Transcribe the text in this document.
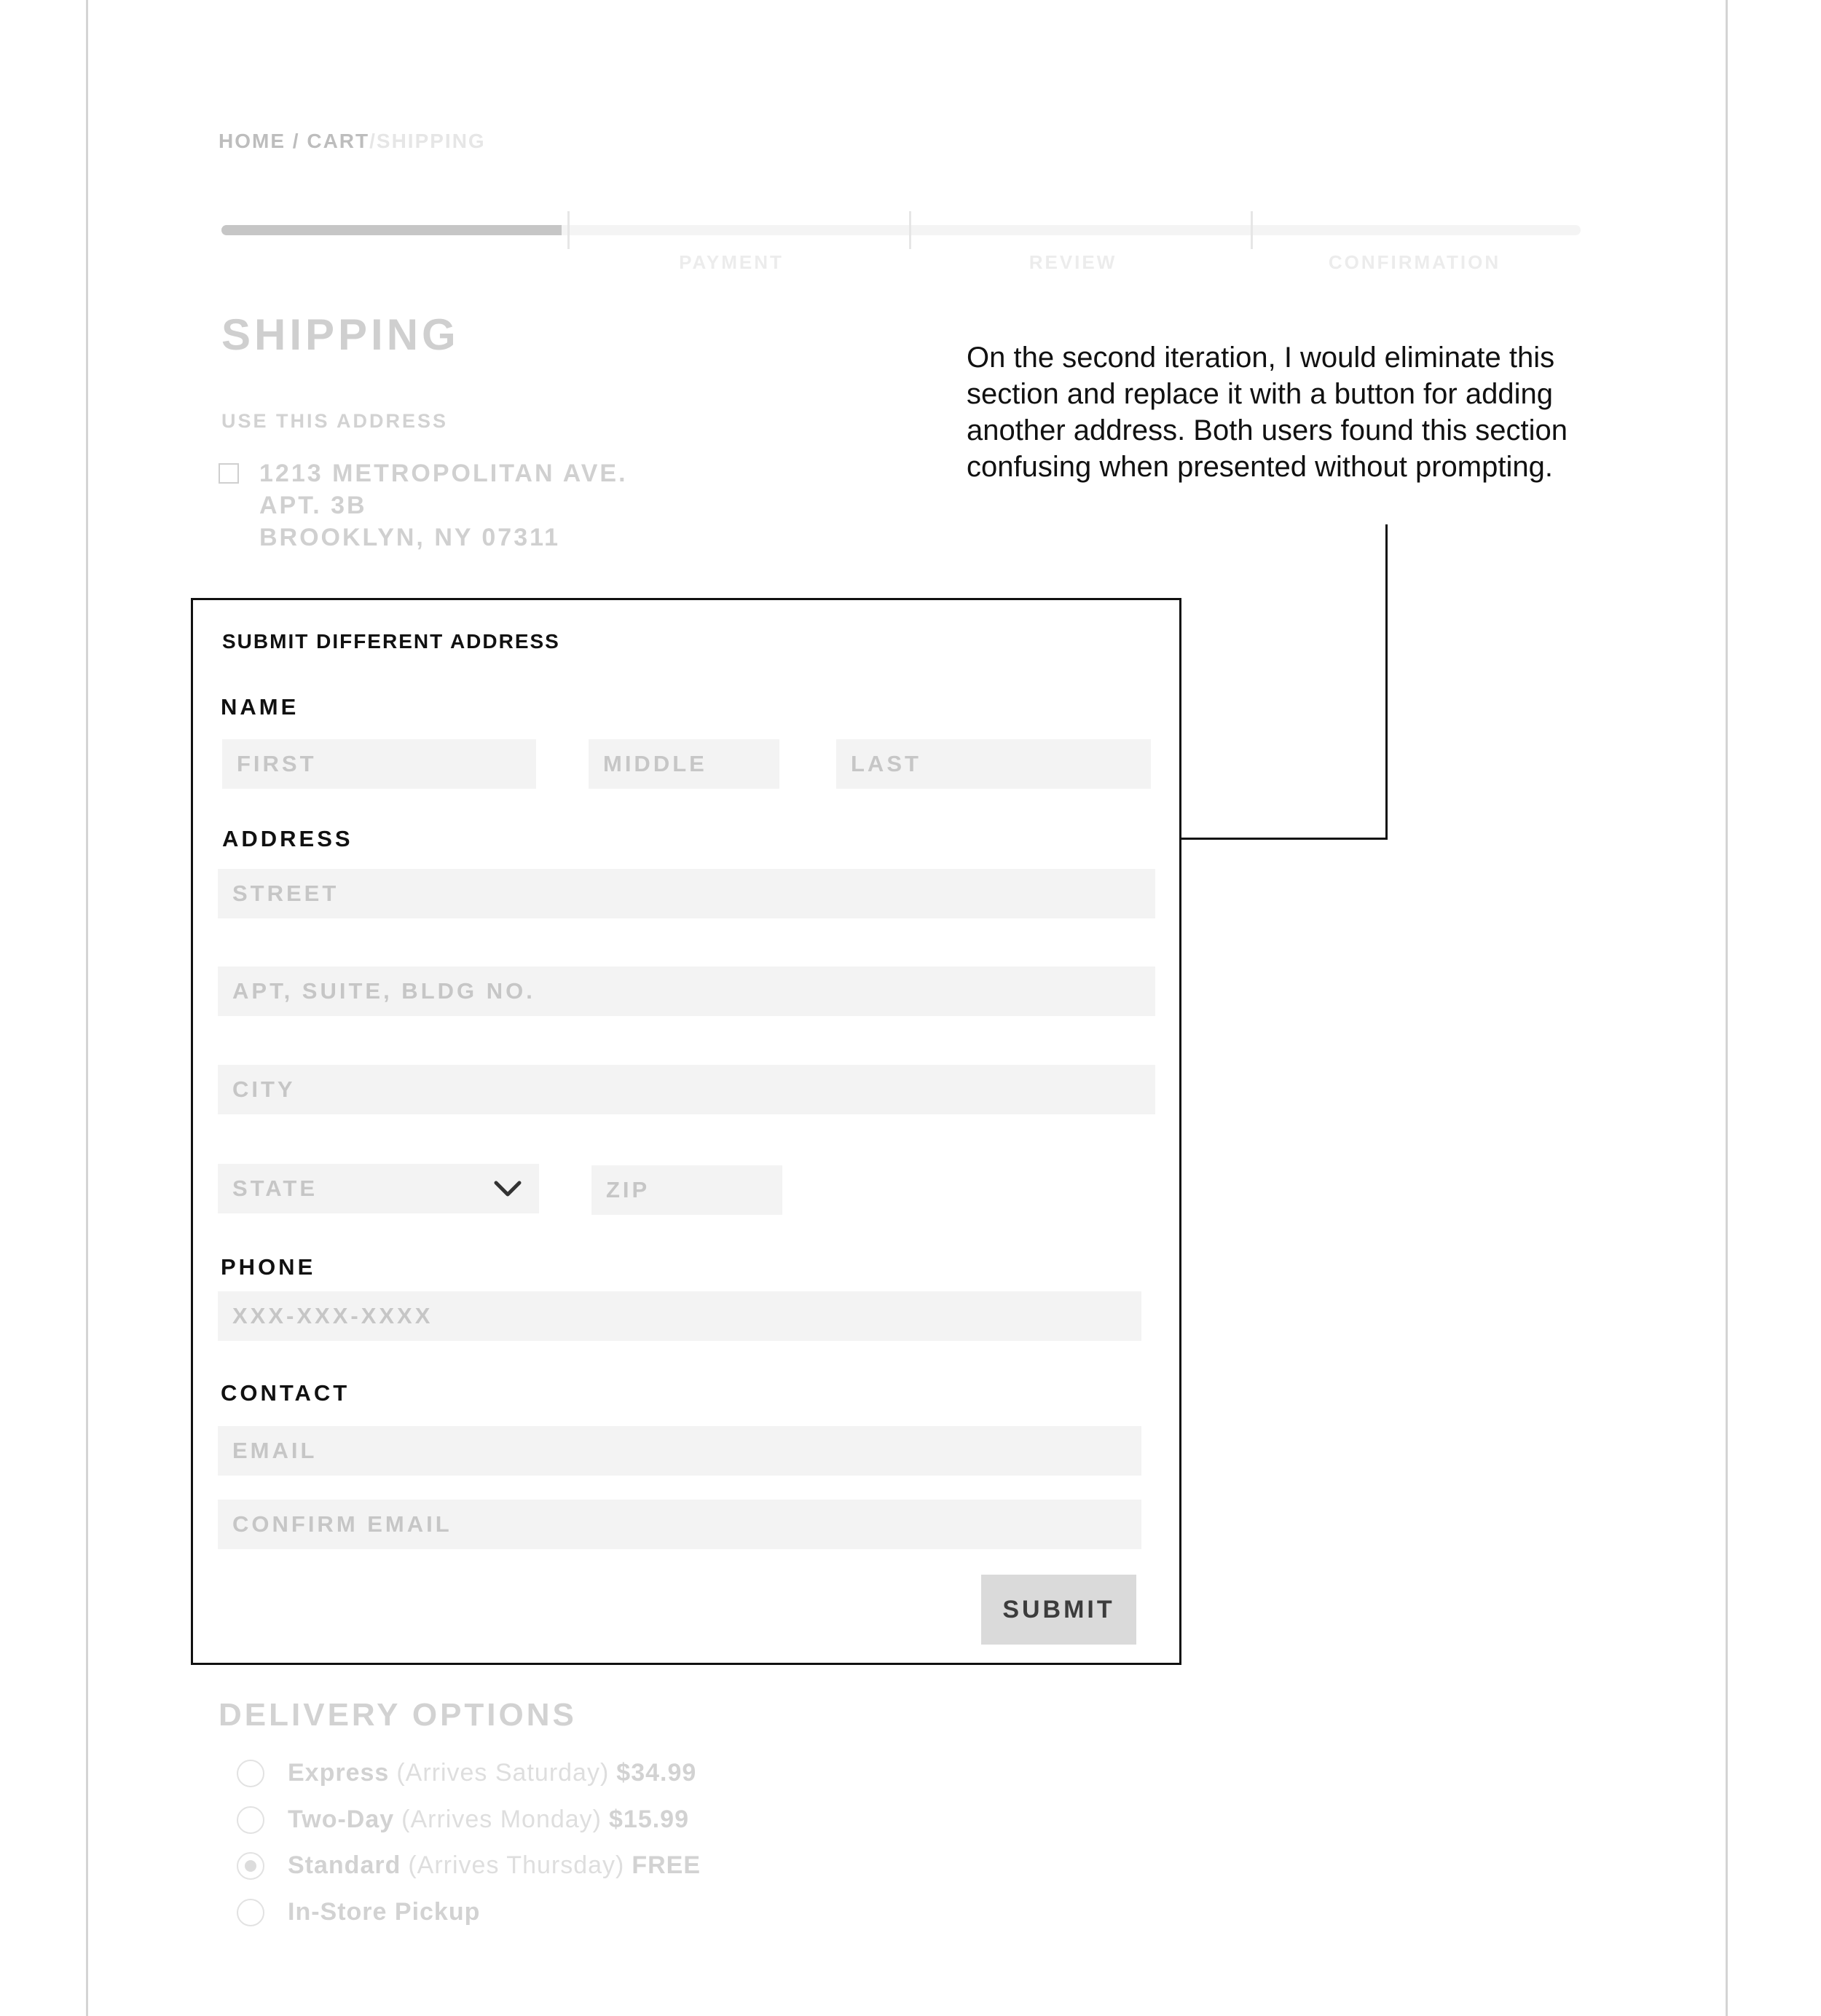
HOME / CART/SHIPPING
PAYMENT	REVIEW	CONFIRMATION
SHIPPING
USE THIS ADDRESS
1213 METROPOLITAN AVE.
APT. 3B
BROOKLYN, NY 07311
On the second iteration, I would eliminate this section and replace it with a button for adding another address. Both users found this section confusing when presented without prompting.
SUBMIT DIFFERENT ADDRESS
NAME
FIRST	MIDDLE	LAST
ADDRESS
STREET
APT, SUITE, BLDG NO.
CITY
STATE	ZIP
PHONE
XXX-XXX-XXXX
CONTACT
EMAIL
CONFIRM EMAIL
SUBMIT
DELIVERY OPTIONS
Express (Arrives Saturday) $34.99
Two-Day (Arrives Monday) $15.99
Standard (Arrives Thursday) FREE
In-Store Pickup
